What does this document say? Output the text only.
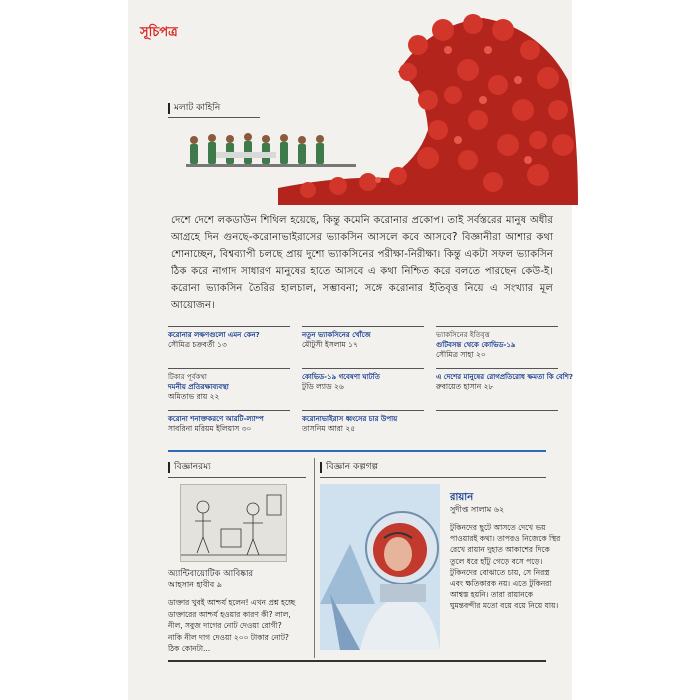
সূচিপত্র
মলাট কাহিনি
দেশে দেশে লকডাউন শিথিল হয়েছে, কিন্তু কমেনি করোনার প্রকোপ। তাই সর্বস্তরের মানুষ অধীর আগ্রহে দিন গুনছে-করোনাভাইরাসের ভ্যাকসিন আসলে কবে আসবে? বিজ্ঞানীরা আশার কথা শোনাচ্ছেন, বিশ্বব্যাপী চলছে প্রায় দুশো ভ্যাকসিনের পরীক্ষা-নিরীক্ষা। কিন্তু একটা সফল ভ্যাকসিন ঠিক করে নাগাদ সাধারণ মানুষের হাতে আসবে এ কথা নিশ্চিত করে বলতে পারছেন কেউ-ই। করোনা ভ্যাকসিন তৈরির হালচাল, সম্ভাবনা; সঙ্গে করোনার ইতিবৃত্ত নিয়ে এ সংখ্যার মূল আয়োজন।
করোনার লক্ষণগুলো এমন কেন?
সৌমিত্র চক্রবর্তী ১৩
নতুন ভ্যাকসিনের খোঁজে
মৌটুসী ইসলাম ১৭
ভ্যাকসিনের ইতিবৃত্ত
গুটিবসন্ত থেকে কোভিড-১৯
সৌমিত্র সাহা ২০
টিকার পূর্বকথা
দমনীয় প্রতিরক্ষাব্যবস্থা
অমিতাভ রায় ২২
কোভিড-১৯ গবেষণা ঘাটতি
টুডি ল্যাড ২৬
এ দেশের মানুষের রোগপ্রতিরোধ ক্ষমতা কি বেশি?
রুবায়েত হাসান ২৮
করোনা শনাক্তকরণে আরটি-ল্যাম্প
সাবরিনা মরিয়ম ইলিয়াস ৩০
করোনাভাইরাস ধ্বংসের চার উপায়
তাসনিম আরা ২৫
বিজ্ঞানরম্য	বিজ্ঞান কল্পগল্প
অ্যান্টিবায়োটিক আবিষ্কার
আহসান হাবীব ৯
ডাক্তার খুবই আশ্চর্য হলেন! এখন প্রশ্ন হচ্ছে ডাক্তারের আশ্চর্য হওয়ার কারণ কী? লাল, নীল, সবুজ দাগের নোট দেওয়া রোগী? নাকি নীল দাগ দেওয়া ২০০ টাকার নোট? ঠিক কোনটা...
রায়ান
সুদীপ্ত সালাম ৬২
টুকিনদের ছুটে আসতে দেখে ভয় পাওয়ারই কথা। তাপরও নিজেকে স্থির রেখে রায়ান দুহাত আকাশের দিকে তুলে ধরে হাঁটু গেড়ে বসে পড়ে। টুকিনদের বোঝাতে চায়, সে নিরস্ত্র এবং ক্ষতিকারক নয়। এতে টুকিনরা আশ্বস্ত হয়নি। তারা রায়ানকে ঘুমন্তবন্দীর মতো বয়ে বয়ে নিয়ে যায়।
